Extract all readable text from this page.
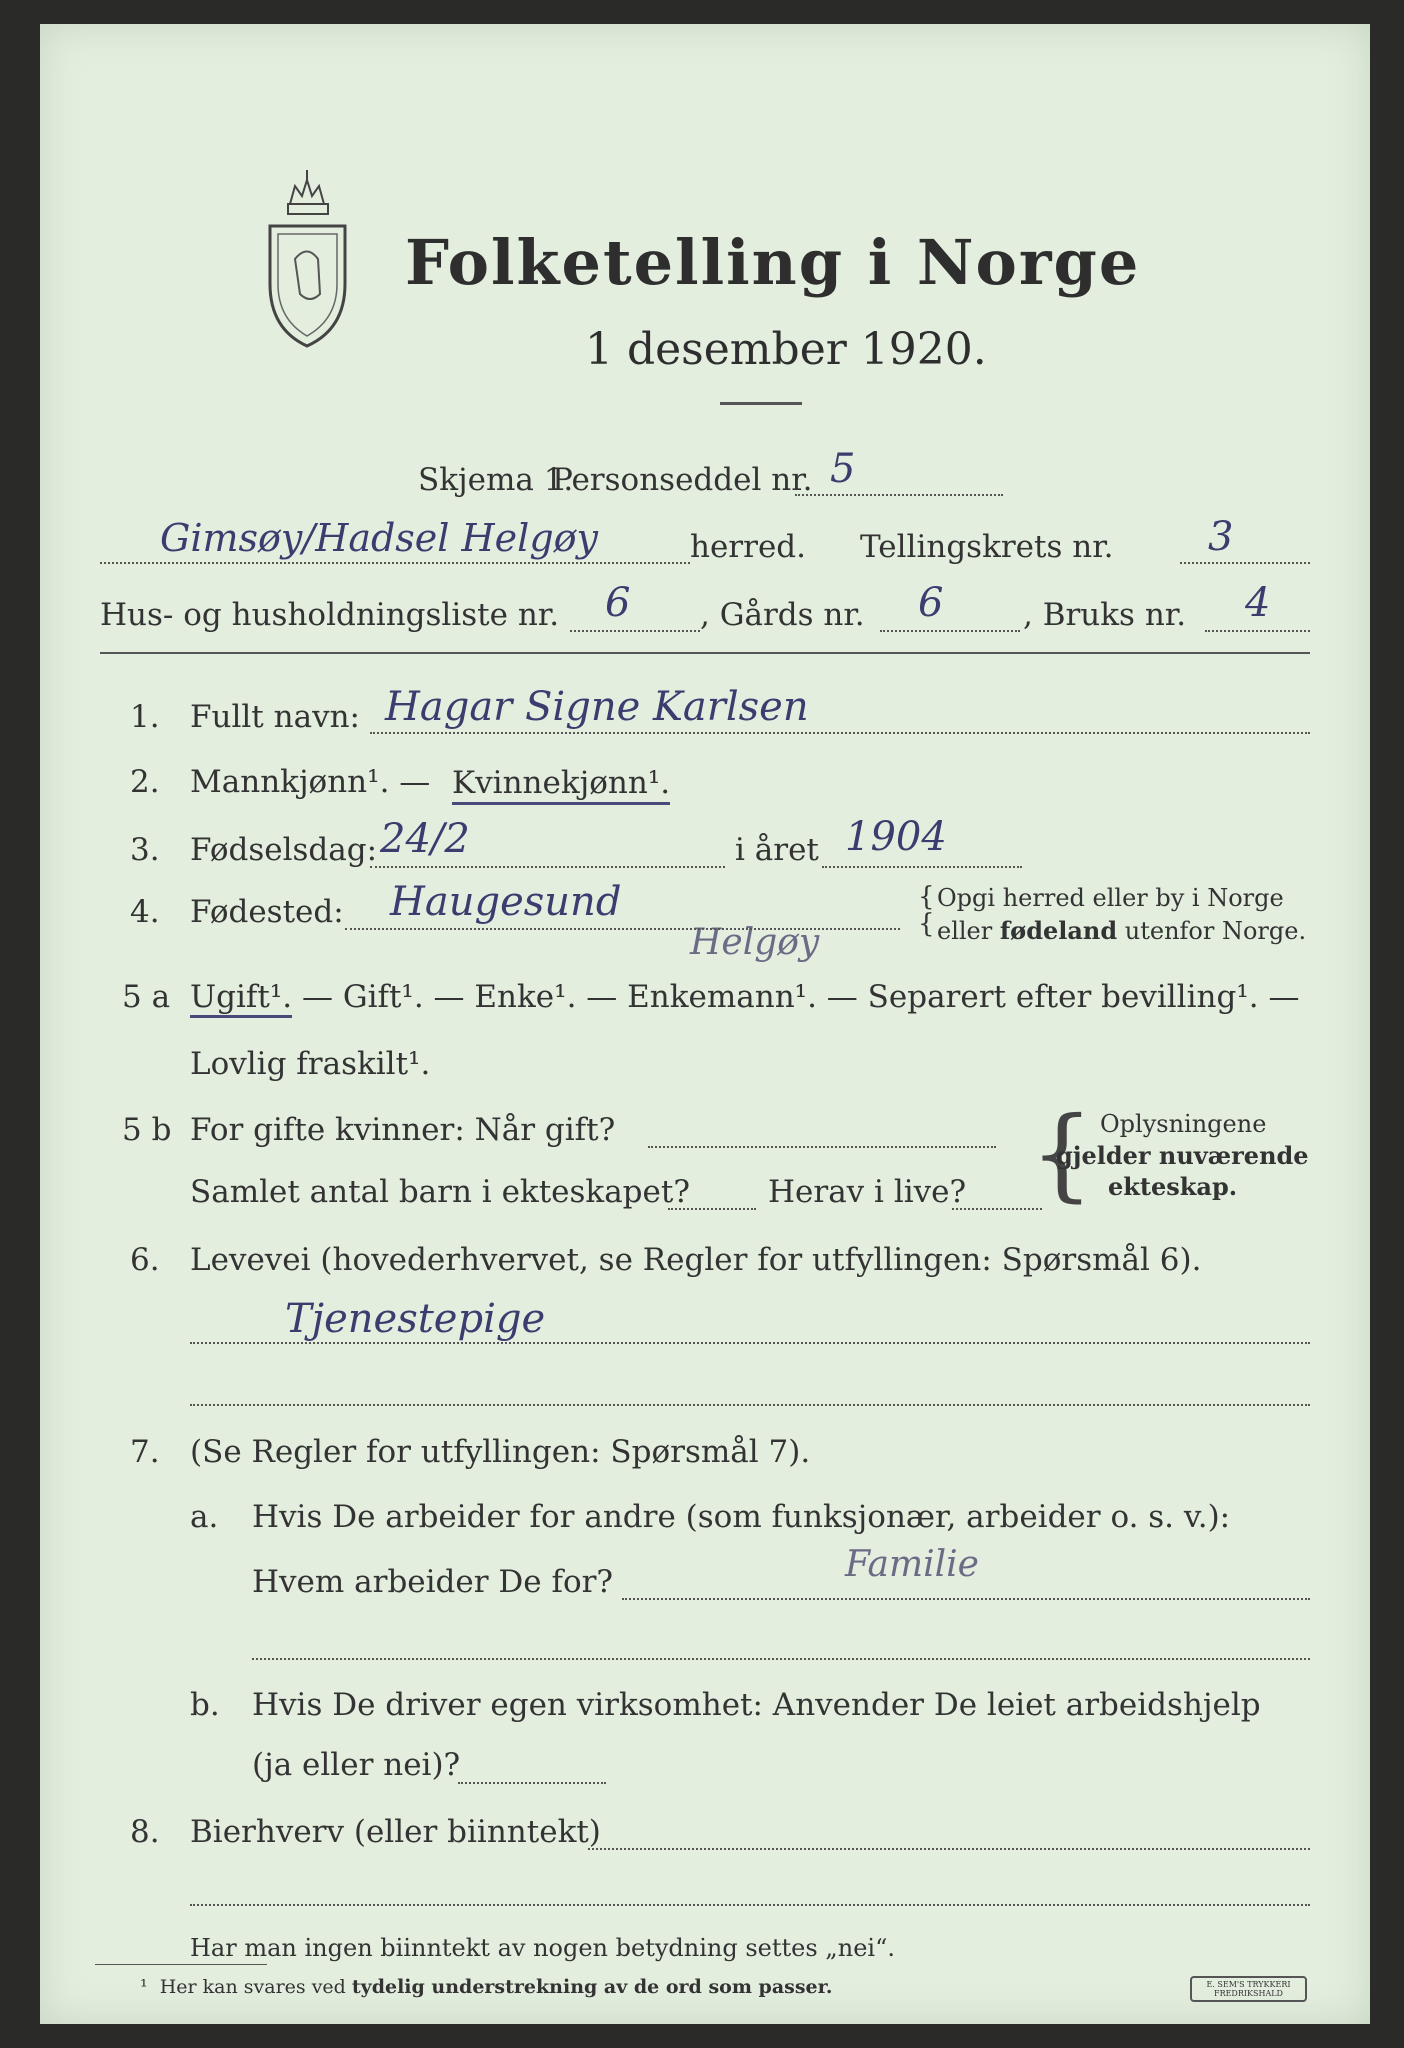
Folketelling i Norge
1 desember 1920.
Skjema 1.
Personseddel nr. 5
Gimsøy/Hadsel Helgøy	herred. Tellingskrets nr. 3
Hus- og husholdningsliste nr. 6 , Gårds nr. 6	, Bruks nr. 4
1. Fullt navn: Hagar Signe Karlsen
2. Mannkjønn¹. — Kvinnekjønn¹.
3. Fødselsdag: 24/2	i året 1904
4. Fødested: Haugesund
Helgøy
{
{
Opgi herred eller by i Norge
eller fødeland utenfor Norge.
5 a Ugift¹. — Gift¹. — Enke¹. — Enkemann¹. — Separert efter bevilling¹. —
Lovlig fraskilt¹.
5 b For gifte kvinner: Når gift?
Samlet antal barn i ekteskapet?	Herav i live? { Oplysningene
gjelder nuværende
ekteskap.
6. Levevei (hovederhvervet, se Regler for utfyllingen: Spørsmål 6).
Tjenestepige
7. (Se Regler for utfyllingen: Spørsmål 7).
a. Hvis De arbeider for andre (som funksjonær, arbeider o. s. v.):
Hvem arbeider De for?	Familie
b. Hvis De driver egen virksomhet: Anvender De leiet arbeidshjelp
(ja eller nei)?
8. Bierhverv (eller biinntekt)
Har man ingen biinntekt av nogen betydning settes „nei“.
¹ Her kan svares ved tydelig understrekning av de ord som passer.	E. SEM'S TRYKKERI FREDRIKSHALD
